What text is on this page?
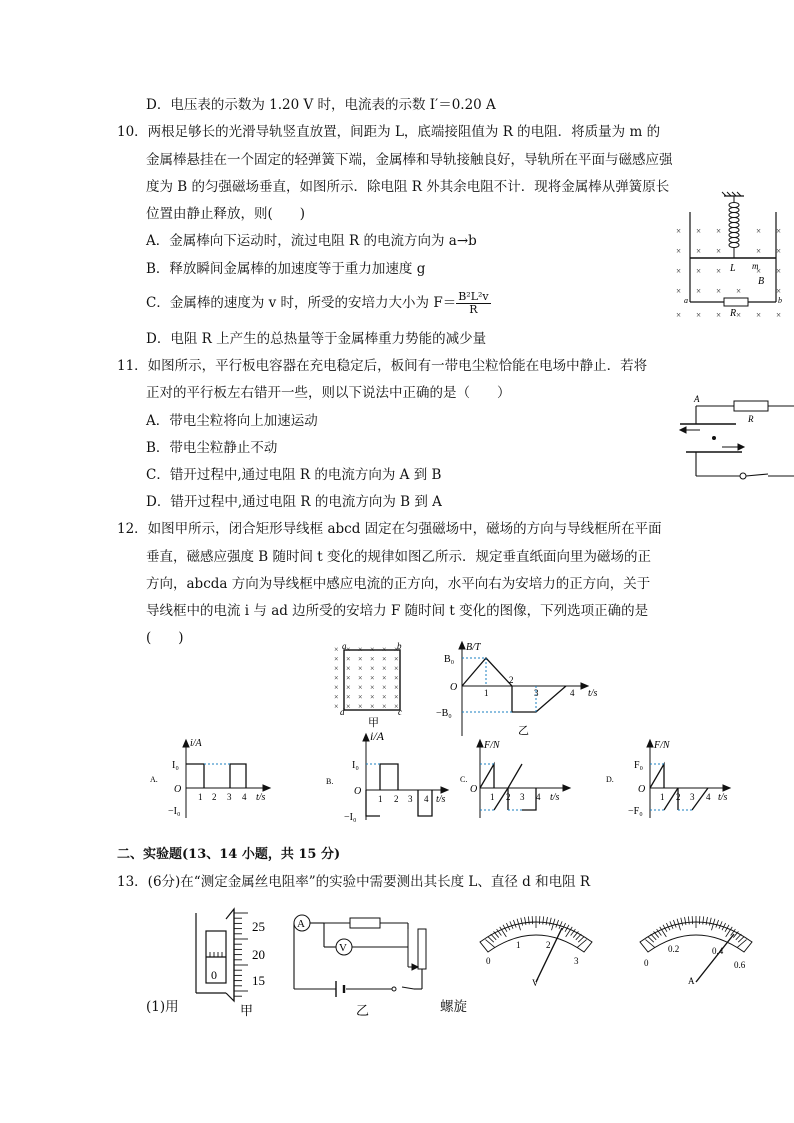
D．电压表的示数为 1.20 V 时，电流表的示数 I′＝0.20 A
10．两根足够长的光滑导轨竖直放置，间距为 L，底端接阻值为 R 的电阻．将质量为 m 的
金属棒悬挂在一个固定的轻弹簧下端，金属棒和导轨接触良好，导轨所在平面与磁感应强
度为 B 的匀强磁场垂直，如图所示．除电阻 R 外其余电阻不计．现将金属棒从弹簧原长
位置由静止释放，则(　　)
A．金属棒向下运动时，流过电阻 R 的电流方向为 a→b
B．释放瞬间金属棒的加速度等于重力加速度 g
C．金属棒的速度为 v 时，所受的安培力大小为 $F= \frac{\text{B²L²v}}{R}$
D．电阻 R 上产生的总热量等于金属棒重力势能的减少量
× × ×	× ×
× × ×	× ×
× × ×	× ×
× × × ×	×
× × × × × ×
L m
B
R
a	b
11．如图所示，平行板电容器在充电稳定后，板间有一带电尘粒恰能在电场中静止．若将
正对的平行板左右错开一些，则以下说法中正确的是（　　）
A．带电尘粒将向上加速运动
B．带电尘粒静止不动
C．错开过程中,通过电阻 R 的电流方向为 A 到 B
D．错开过程中,通过电阻 R 的电流方向为 B 到 A
A
R
12．如图甲所示，闭合矩形导线框 abcd 固定在匀强磁场中，磁场的方向与导线框所在平面
垂直，磁感应强度 B 随时间 t 变化的规律如图乙所示．规定垂直纸面向里为磁场的正
方向，abcda 方向为导线框中感应电流的正方向，水平向右为安培力的正方向，关于
导线框中的电流 i 与 ad 边所受的安培力 F 随时间 t 变化的图像，下列选项正确的是
(　　)
× × × × × ×
× × × × × ×
× × × × × ×
× × × × × ×
× × × × × ×
× × × × × ×
× × × × × ×
a	b
c
d
甲
B/T
t/s
B₀
−B₀
O	1
2
3	4
乙
A.
i/A
I₀
−I₀
O
1 2 3 4 t/s
B.
i/A
I₀
−I₀
O
1 2 3 4 t/s
C.
F/N
O
1 2 3 4 t/s
D.
F/N
F₀
−F₀
O
1 2 3 4 t/s
二、实验题(13、14 小题，共 15 分)
13．(6分)在“测定金属丝电阻率”的实验中需要测出其长度 L、直径 d 和电阻 R
25
20
15
0
甲
A
V
乙
0
1	2
3
V
0
0.2	0.4
0.6
A
(1)用	螺旋
